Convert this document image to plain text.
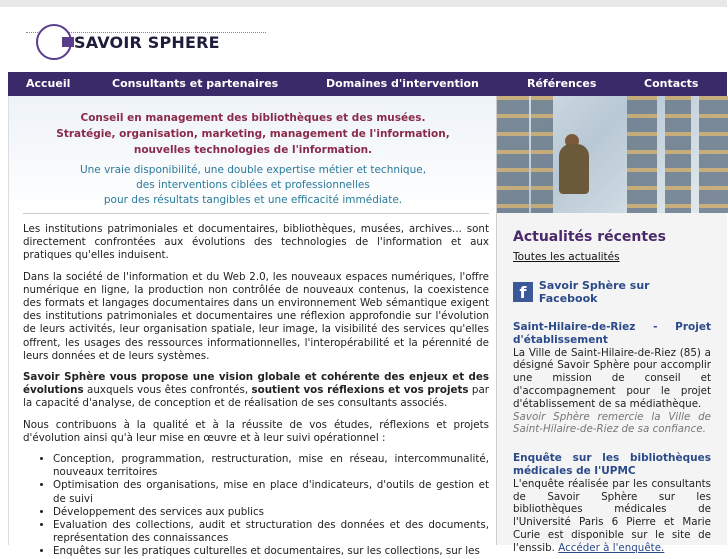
SAVOIR SPHERE
Accueil	Consultants et partenaires	Domaines d'intervention	Références	Contacts
Conseil en management des bibliothèques et des musées.
Stratégie, organisation, marketing, management de l'information,
nouvelles technologies de l'information.
Une vraie disponibilité, une double expertise métier et technique,
des interventions ciblées et professionnelles
pour des résultats tangibles et une efficacité immédiate.

Les institutions patrimoniales et documentaires, bibliothèques, musées, archives... sont directement confrontées aux évolutions des technologies de l'information et aux pratiques qu'elles induisent.

Dans la société de l'information et du Web 2.0, les nouveaux espaces numériques, l'offre numérique en ligne, la production non contrôlée de nouveaux contenus, la coexistence des formats et langages documentaires dans un environnement Web sémantique exigent des institutions patrimoniales et documentaires une réflexion approfondie sur l'évolution de leurs activités, leur organisation spatiale, leur image, la visibilité des services qu'elles offrent, les usages des ressources informationnelles, l'interopérabilité et la pérennité de leurs données et de leurs systèmes.

Savoir Sphère vous propose une vision globale et cohérente des enjeux et des évolutions auxquels vous êtes confrontés, soutient vos réflexions et vos projets par la capacité d'analyse, de conception et de réalisation de ses consultants associés.

Nous contribuons à la qualité et à la réussite de vos études, réflexions et projets d'évolution ainsi qu'à leur mise en œuvre et à leur suivi opérationnel :

• Conception, programmation, restructuration, mise en réseau, intercommunalité, nouveaux territoires
• Optimisation des organisations, mise en place d'indicateurs, d'outils de gestion et de suivi
• Développement des services aux publics
• Evaluation des collections, audit et structuration des données et des documents, représentation des connaissances
• Enquêtes sur les pratiques culturelles et documentaires, sur les collections, sur les
Actualités récentes
Toutes les actualités
f	Savoir Sphère sur Facebook
Saint-Hilaire-de-Riez - Projet d'établissement
La Ville de Saint-Hilaire-de-Riez (85) a désigné Savoir Sphère pour accomplir une mission de conseil et d'accompagnement pour le projet d'établissement de sa médiathèque.
Savoir Sphère remercie la Ville de Saint-Hilaire-de-Riez de sa confiance.
Enquête sur les bibliothèques médicales de l'UPMC
L'enquête réalisée par les consultants de Savoir Sphère sur les bibliothèques médicales de l'Université Paris 6 Pierre et Marie Curie est disponible sur le site de l'enssib. Accéder à l'enquête.
